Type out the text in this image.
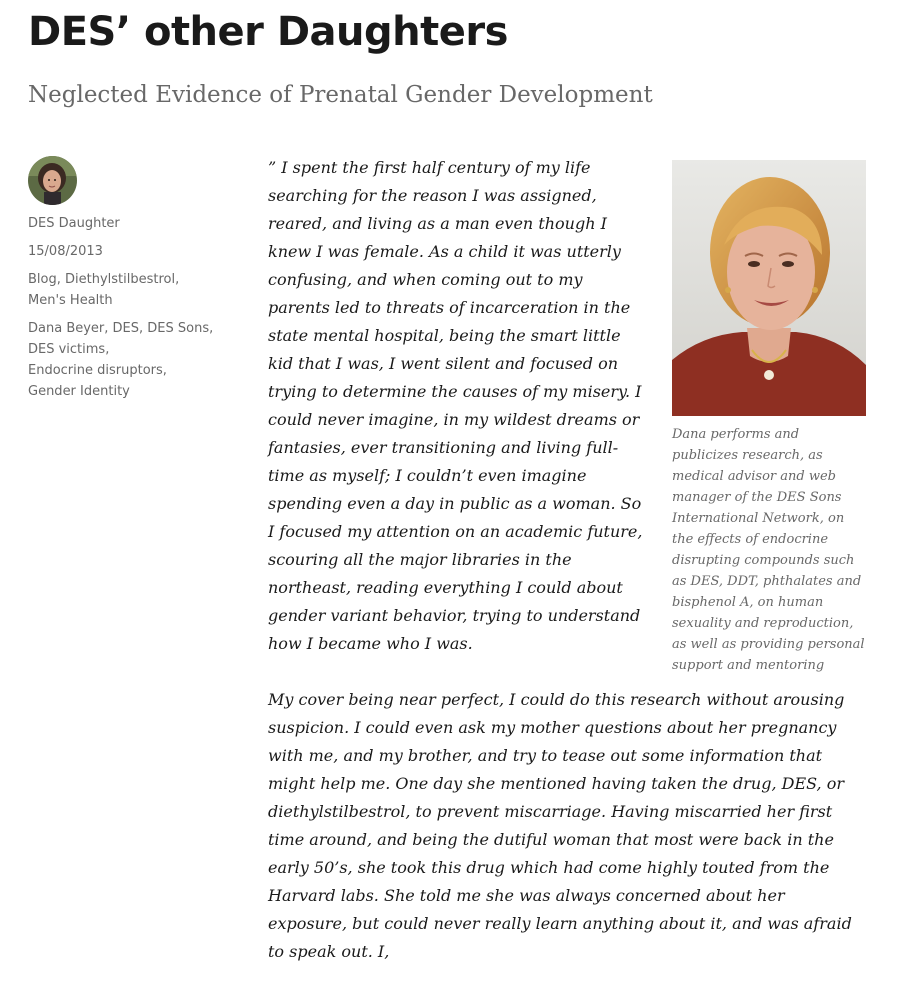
DES’ other Daughters
Neglected Evidence of Prenatal Gender Development
DES Daughter
15/08/2013
Blog, Diethylstilbestrol,
Men's Health
Dana Beyer, DES, DES Sons, DES victims,
Endocrine disruptors,
Gender Identity
Dana performs and publicizes research, as medical advisor and web manager of the DES Sons International Network, on the effects of endocrine disrupting compounds such as DES, DDT, phthalates and bisphenol A, on human sexuality and reproduction, as well as providing personal support and mentoring

” I spent the first half century of my life searching for the reason I was assigned, reared, and living as a man even though I knew I was female. As a child it was utterly confusing, and when coming out to my parents led to threats of incarceration in the state mental hospital, being the smart little kid that I was, I went silent and focused on trying to determine the causes of my misery. I could never imagine, in my wildest dreams or fantasies, ever transitioning and living full-time as myself; I couldn’t even imagine spending even a day in public as a woman. So I focused my attention on an academic future, scouring all the major libraries in the northeast, reading everything I could about gender variant behavior, trying to understand how I became who I was.

My cover being near perfect, I could do this research without arousing suspicion. I could even ask my mother questions about her pregnancy with me, and my brother, and try to tease out some information that might help me. One day she mentioned having taken the drug, DES, or diethylstilbestrol, to prevent miscarriage. Having miscarried her first time around, and being the dutiful woman that most were back in the early 50’s, she took this drug which had come highly touted from the Harvard labs. She told me she was always concerned about her exposure, but could never really learn anything about it, and was afraid to speak out. I,
